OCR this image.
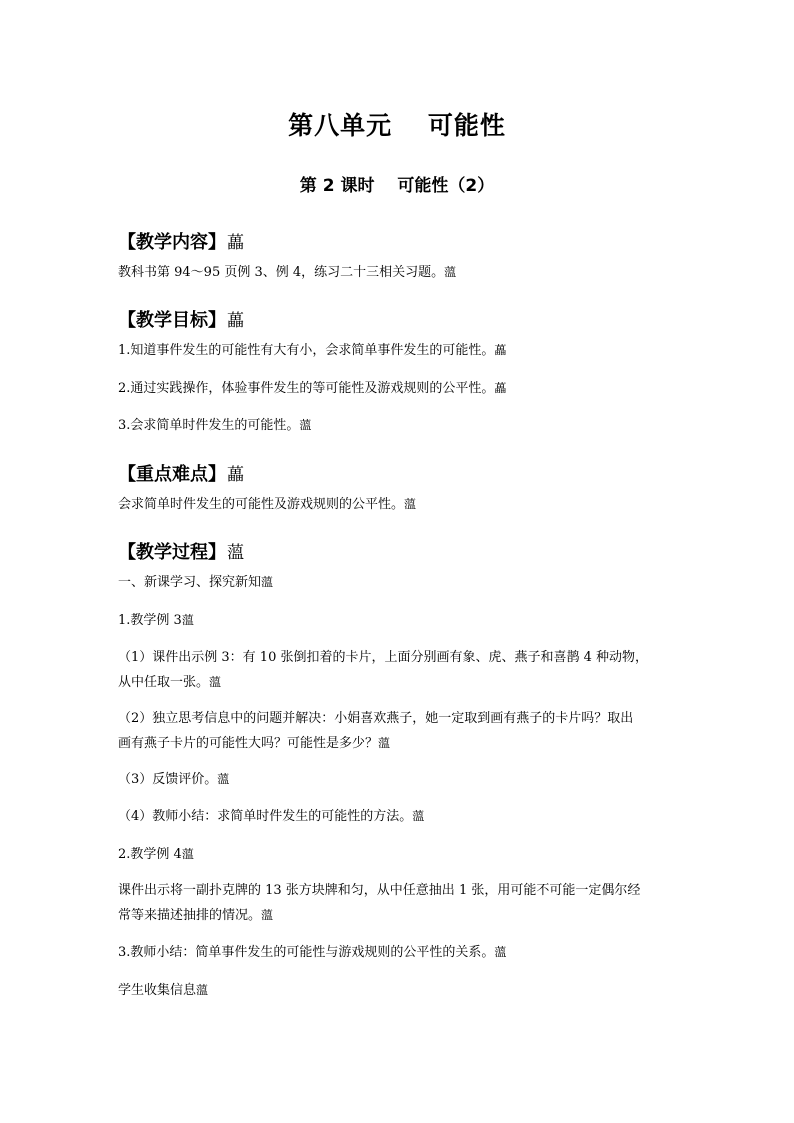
第八单元　 可能性
第 2 课时　 可能性（2）
【教学内容】藟
教科书第 94～95 页例 3、例 4，练习二十三相关习题。薀
【教学目标】藟
1.知道事件发生的可能性有大有小，会求简单事件发生的可能性。藟
2.通过实践操作，体验事件发生的等可能性及游戏规则的公平性。藟
3.会求简单时件发生的可能性。薀
【重点难点】藟
会求简单时件发生的可能性及游戏规则的公平性。薀
【教学过程】薀
一、新课学习、探究新知薀
1.教学例 3薀
（1）课件出示例 3：有 10 张倒扣着的卡片，上面分别画有象、虎、燕子和喜鹊 4 种动物，
从中任取一张。薀
（2）独立思考信息中的问题并解决：小娟喜欢燕子，她一定取到画有燕子的卡片吗？取出
画有燕子卡片的可能性大吗？可能性是多少？薀
（3）反馈评价。薀
（4）教师小结：求简单时件发生的可能性的方法。薀
2.教学例 4薀
课件出示将一副扑克牌的 13 张方块牌和匀，从中任意抽出 1 张，用可能不可能一定偶尔经
常等来描述抽排的情况。薀
3.教师小结：简单事件发生的可能性与游戏规则的公平性的关系。薀
学生收集信息薀
